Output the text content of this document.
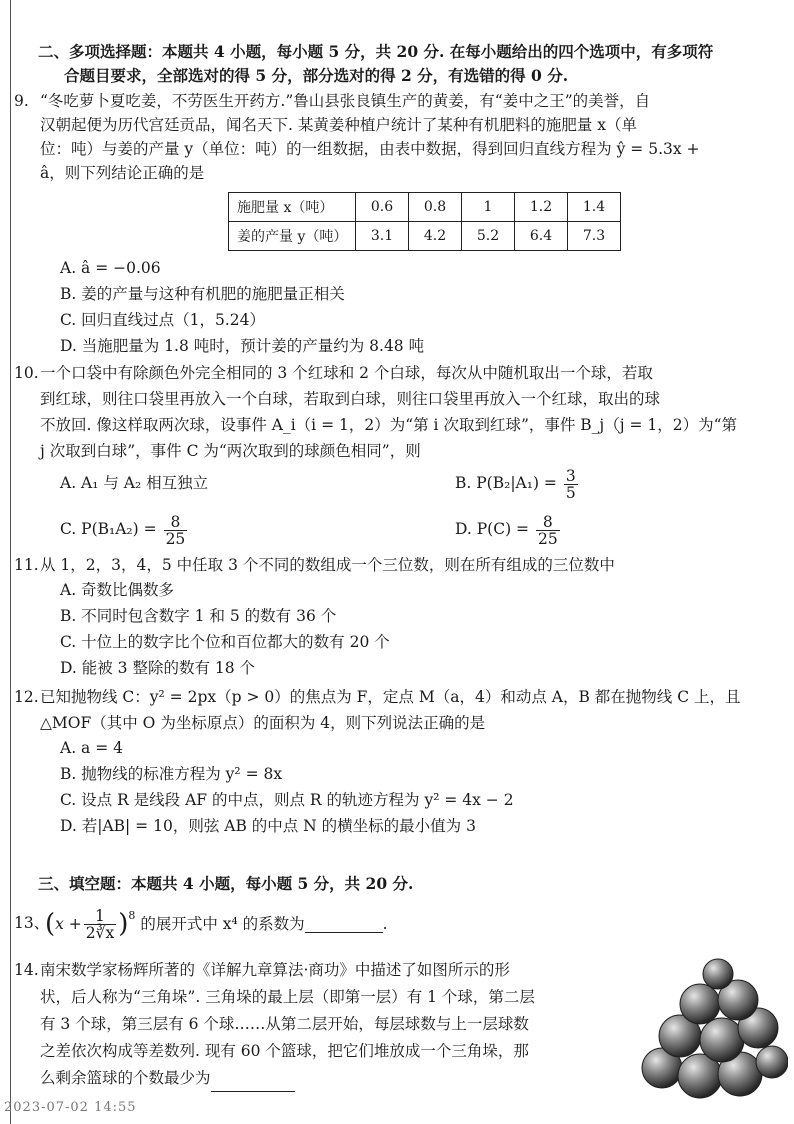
二、多项选择题：本题共 4 小题，每小题 5 分，共 20 分. 在每小题给出的四个选项中，有多项符
合题目要求，全部选对的得 5 分，部分选对的得 2 分，有选错的得 0 分.
9. “冬吃萝卜夏吃姜，不劳医生开药方.”鲁山县张良镇生产的黄姜，有“姜中之王”的美誉，自
汉朝起便为历代宫廷贡品，闻名天下. 某黄姜种植户统计了某种有机肥料的施肥量 x（单
位：吨）与姜的产量 y（单位：吨）的一组数据，由表中数据，得到回归直线方程为 ŷ = 5.3x +
â，则下列结论正确的是
施肥量 x（吨）	0.6	0.8	1	1.2	1.4
姜的产量 y（吨）	3.1	4.2	5.2	6.4	7.3
A. â = −0.06
B. 姜的产量与这种有机肥的施肥量正相关
C. 回归直线过点（1，5.24）
D. 当施肥量为 1.8 吨时，预计姜的产量约为 8.48 吨
10.一个口袋中有除颜色外完全相同的 3 个红球和 2 个白球，每次从中随机取出一个球，若取
到红球，则往口袋里再放入一个白球，若取到白球，则往口袋里再放入一个红球，取出的球
不放回. 像这样取两次球，设事件 A_i（i = 1，2）为“第 i 次取到红球”，事件 B_j（j = 1，2）为“第
j 次取到白球”，事件 C 为“两次取到的球颜色相同”，则
A. A₁ 与 A₂ 相互独立	B. $P(B_2|A_1) = \frac{3}{5}$
C. $P(B_1A_2) = \frac{8}{25}$	D. $P(C) = \frac{8}{25}$
11.从 1，2，3，4，5 中任取 3 个不同的数组成一个三位数，则在所有组成的三位数中
A. 奇数比偶数多
B. 不同时包含数字 1 和 5 的数有 36 个
C. 十位上的数字比个位和百位都大的数有 20 个
D. 能被 3 整除的数有 18 个
12.已知抛物线 C：y² = 2px（p > 0）的焦点为 F，定点 M（a，4）和动点 A，B 都在抛物线 C 上，且
△MOF（其中 O 为坐标原点）的面积为 4，则下列说法正确的是
A. a = 4
B. 抛物线的标准方程为 y² = 8x
C. 设点 R 是线段 AF 的中点，则点 R 的轨迹方程为 y² = 4x − 2
D. 若|AB| = 10，则弦 AB 的中点 N 的横坐标的最小值为 3
三、填空题：本题共 4 小题，每小题 5 分，共 20 分.
13、 $(x + \frac{1}{2∛x} )^8$ 的展开式中 x⁴ 的系数为	.
14.南宋数学家杨辉所著的《详解九章算法·商功》中描述了如图所示的形
状，后人称为“三角垛”. 三角垛的最上层（即第一层）有 1 个球，第二层
有 3 个球，第三层有 6 个球……从第二层开始，每层球数与上一层球数
之差依次构成等差数列. 现有 60 个篮球，把它们堆放成一个三角垛，那
么剩余篮球的个数最少为
2023-07-02 14:55
